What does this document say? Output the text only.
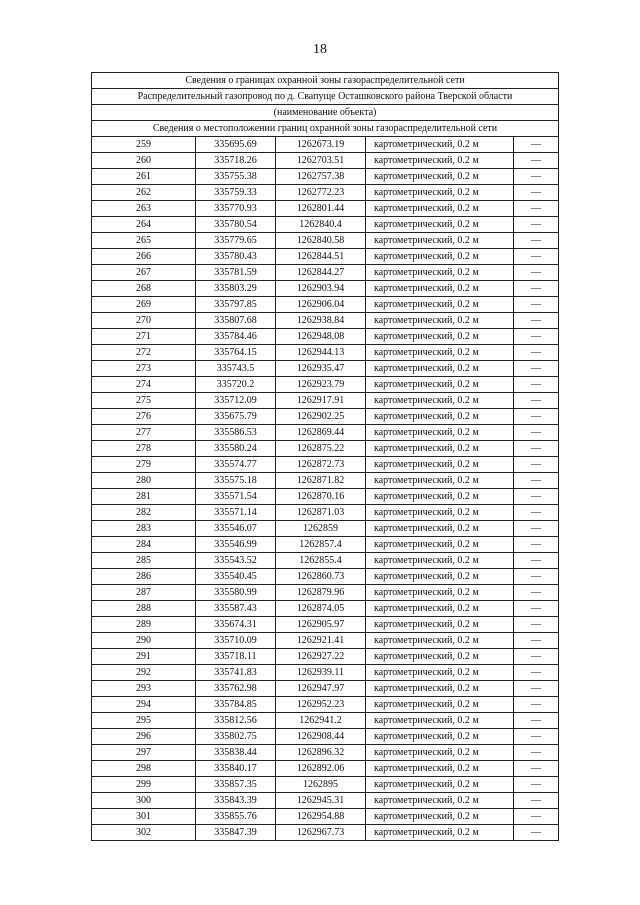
18
Сведения о границах охранной зоны газораспределительной сети				
Распределительный газопровод по д. Свапуще Осташковского района Тверской области				
(наименование объекта)				
Сведения о местоположении границ охранной зоны газораспределительной сети				
259	335695.69	1262673.19	картометрический, 0.2 м	—
260	335718.26	1262703.51	картометрический, 0.2 м	—
261	335755.38	1262757.38	картометрический, 0.2 м	—
262	335759.33	1262772.23	картометрический, 0.2 м	—
263	335770.93	1262801.44	картометрический, 0.2 м	—
264	335780.54	1262840.4	картометрический, 0.2 м	—
265	335779.65	1262840.58	картометрический, 0.2 м	—
266	335780.43	1262844.51	картометрический, 0.2 м	—
267	335781.59	1262844.27	картометрический, 0.2 м	—
268	335803.29	1262903.94	картометрический, 0.2 м	—
269	335797.85	1262906.04	картометрический, 0.2 м	—
270	335807.68	1262938.84	картометрический, 0.2 м	—
271	335784.46	1262948.08	картометрический, 0.2 м	—
272	335764.15	1262944.13	картометрический, 0.2 м	—
273	335743.5	1262935.47	картометрический, 0.2 м	—
274	335720.2	1262923.79	картометрический, 0.2 м	—
275	335712.09	1262917.91	картометрический, 0.2 м	—
276	335675.79	1262902.25	картометрический, 0.2 м	—
277	335586.53	1262869.44	картометрический, 0.2 м	—
278	335580.24	1262875.22	картометрический, 0.2 м	—
279	335574.77	1262872.73	картометрический, 0.2 м	—
280	335575.18	1262871.82	картометрический, 0.2 м	—
281	335571.54	1262870.16	картометрический, 0.2 м	—
282	335571.14	1262871.03	картометрический, 0.2 м	—
283	335546.07	1262859	картометрический, 0.2 м	—
284	335546.99	1262857.4	картометрический, 0.2 м	—
285	335543.52	1262855.4	картометрический, 0.2 м	—
286	335540.45	1262860.73	картометрический, 0.2 м	—
287	335580.99	1262879.96	картометрический, 0.2 м	—
288	335587.43	1262874.05	картометрический, 0.2 м	—
289	335674.31	1262905.97	картометрический, 0.2 м	—
290	335710.09	1262921.41	картометрический, 0.2 м	—
291	335718.11	1262927.22	картометрический, 0.2 м	—
292	335741.83	1262939.11	картометрический, 0.2 м	—
293	335762.98	1262947.97	картометрический, 0.2 м	—
294	335784.85	1262952.23	картометрический, 0.2 м	—
295	335812.56	1262941.2	картометрический, 0.2 м	—
296	335802.75	1262908.44	картометрический, 0.2 м	—
297	335838.44	1262896.32	картометрический, 0.2 м	—
298	335840.17	1262892.06	картометрический, 0.2 м	—
299	335857.35	1262895	картометрический, 0.2 м	—
300	335843.39	1262945.31	картометрический, 0.2 м	—
301	335855.76	1262954.88	картометрический, 0.2 м	—
302	335847.39	1262967.73	картометрический, 0.2 м	—
